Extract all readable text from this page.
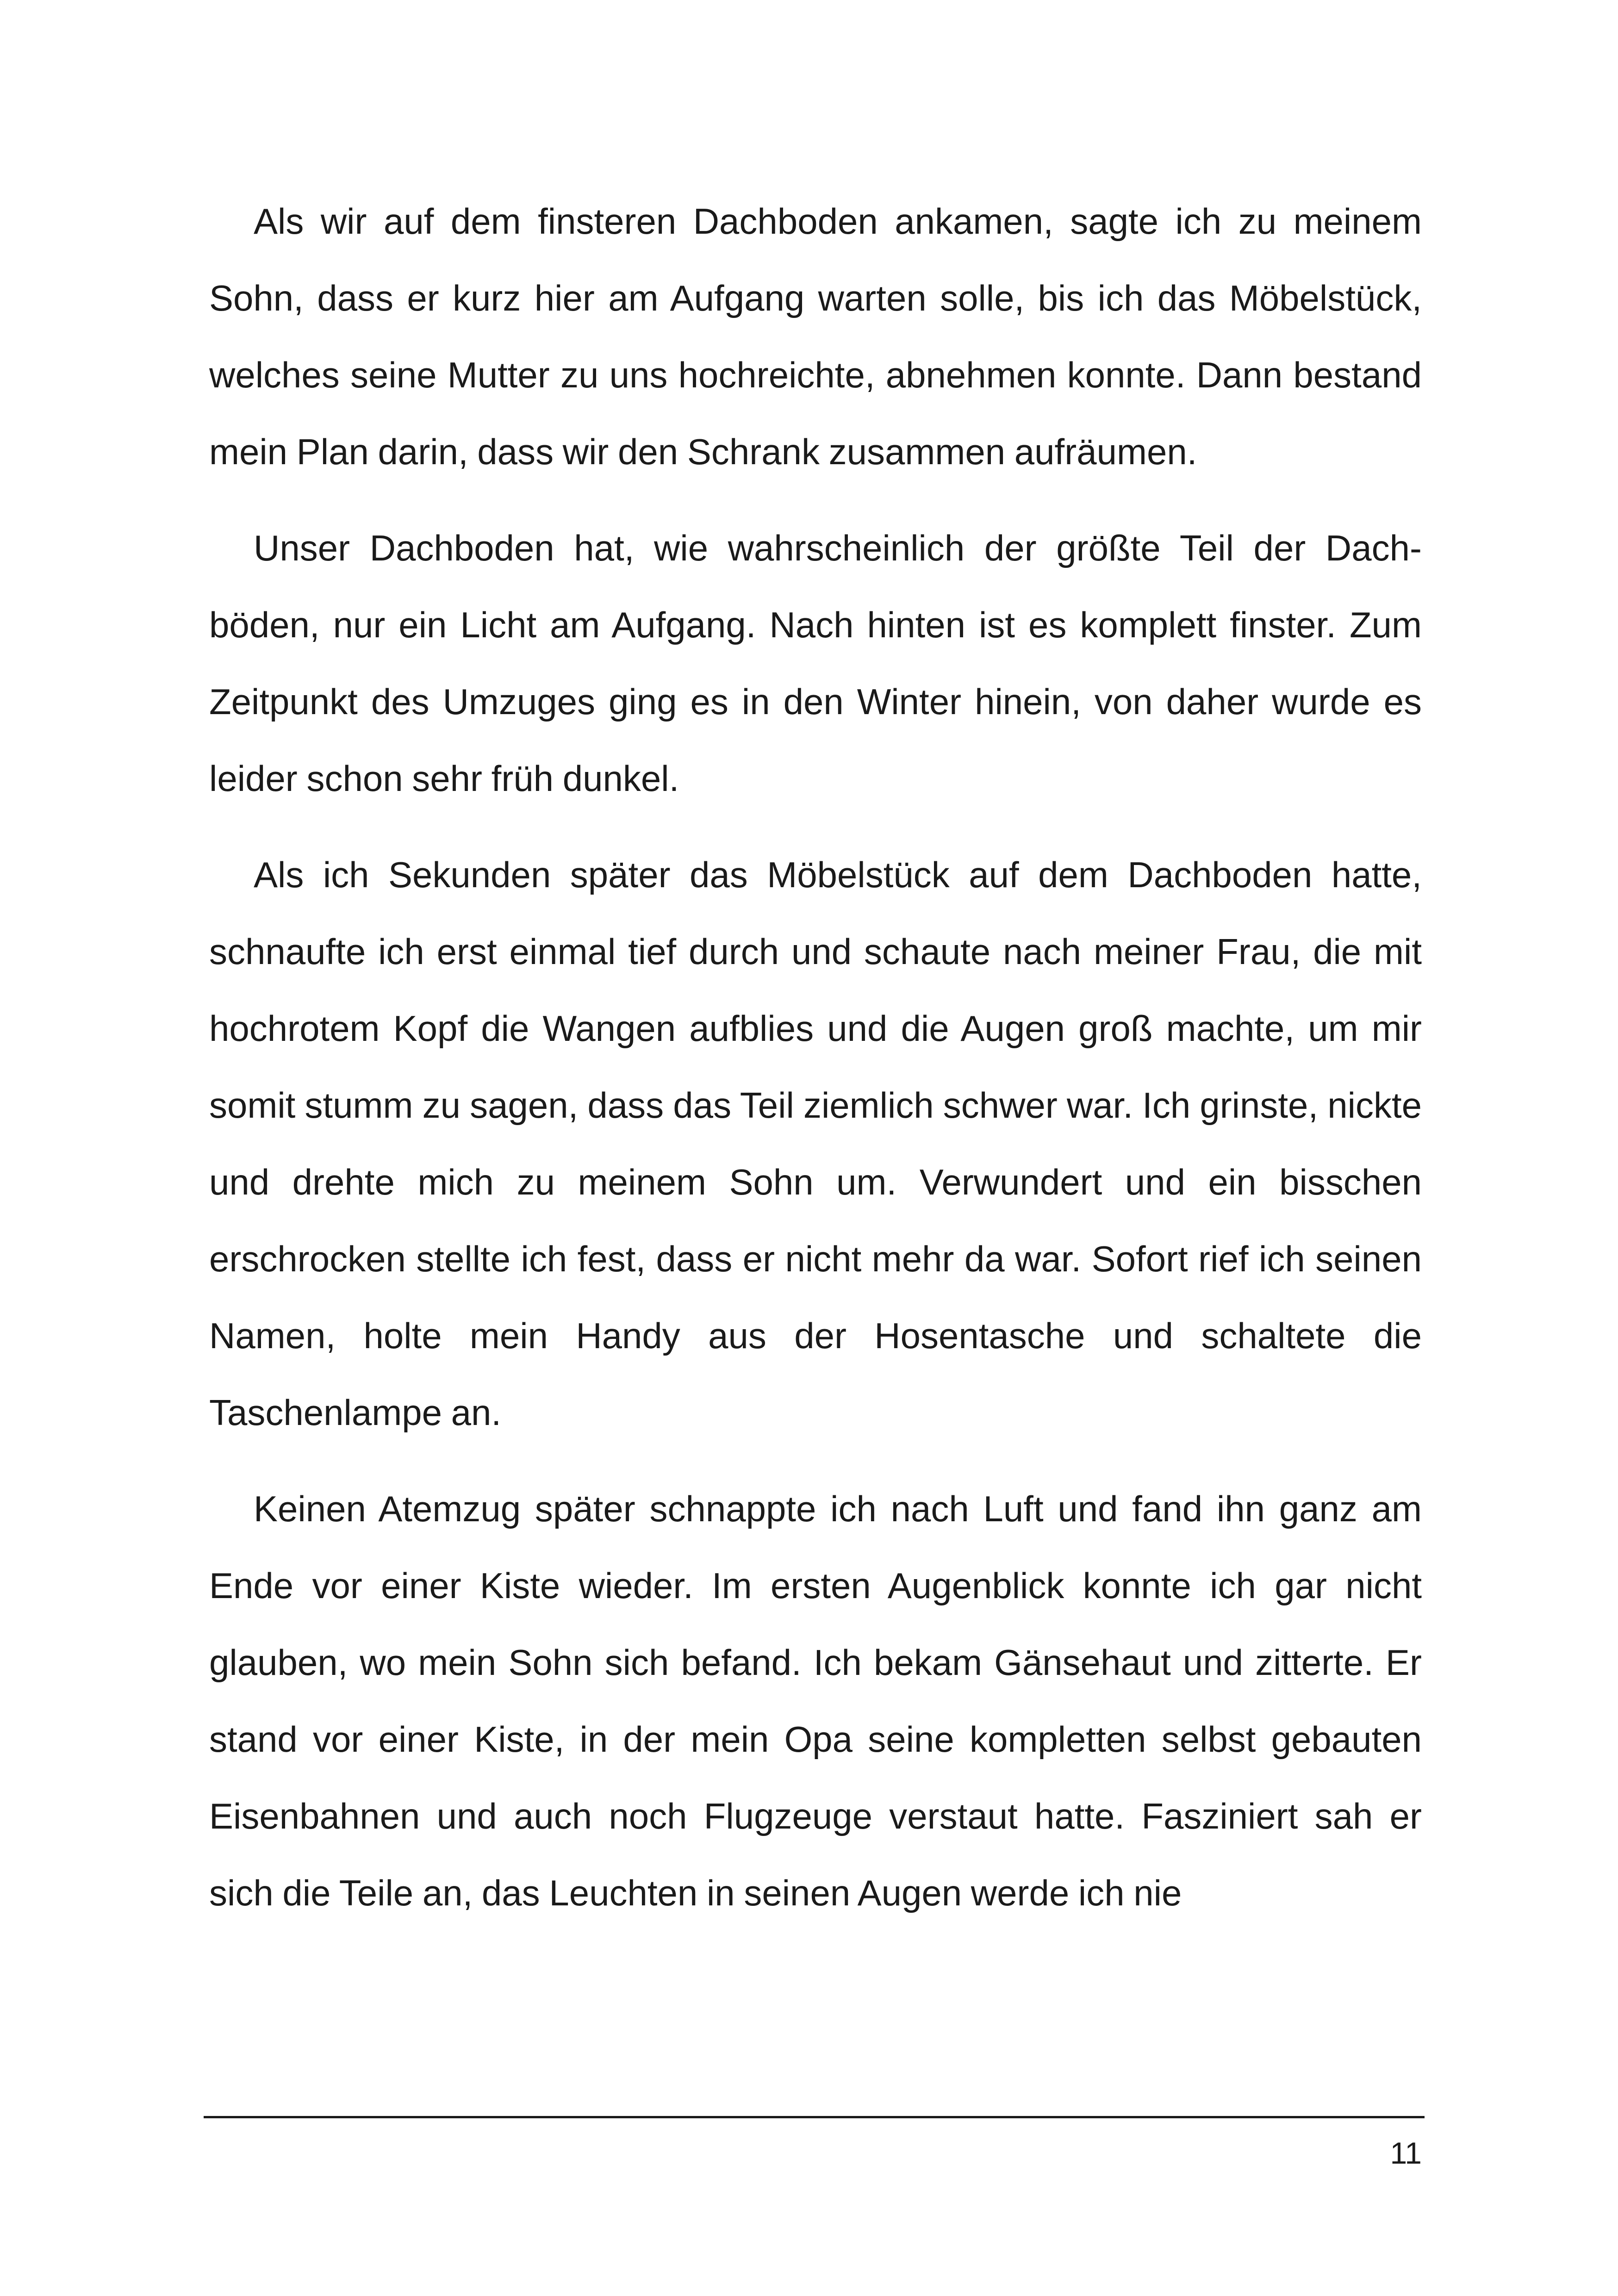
Als wir auf dem finsteren Dachboden ankamen, sagte ich zu meinem Sohn, dass er kurz hier am Aufgang warten solle, bis ich das Möbelstück, welches seine Mutter zu uns hochreichte, abnehmen konnte. Dann bestand mein Plan darin, dass wir den Schrank zusammen aufräumen.

Unser Dachboden hat, wie wahrscheinlich der größte Teil der Dachböden, nur ein Licht am Aufgang. Nach hinten ist es komplett finster. Zum Zeitpunkt des Umzuges ging es in den Winter hinein, von daher wurde es leider schon sehr früh dunkel.

Als ich Sekunden später das Möbelstück auf dem Dachboden hatte, schnaufte ich erst einmal tief durch und schaute nach meiner Frau, die mit hochrotem Kopf die Wangen aufblies und die Augen groß machte, um mir somit stumm zu sagen, dass das Teil ziemlich schwer war. Ich grinste, nickte und drehte mich zu meinem Sohn um. Verwundert und ein bisschen erschrocken stellte ich fest, dass er nicht mehr da war. Sofort rief ich seinen Namen, holte mein Handy aus der Hosentasche und schaltete die Taschenlampe an.

Keinen Atemzug später schnappte ich nach Luft und fand ihn ganz am Ende vor einer Kiste wieder. Im ersten Augenblick konnte ich gar nicht glauben, wo mein Sohn sich befand. Ich bekam Gänsehaut und zitterte. Er stand vor einer Kiste, in der mein Opa seine kompletten selbst gebauten Eisenbahnen und auch noch Flugzeuge verstaut hatte. Fasziniert sah er sich die Teile an, das Leuchten in seinen Augen werde ich nie

11
